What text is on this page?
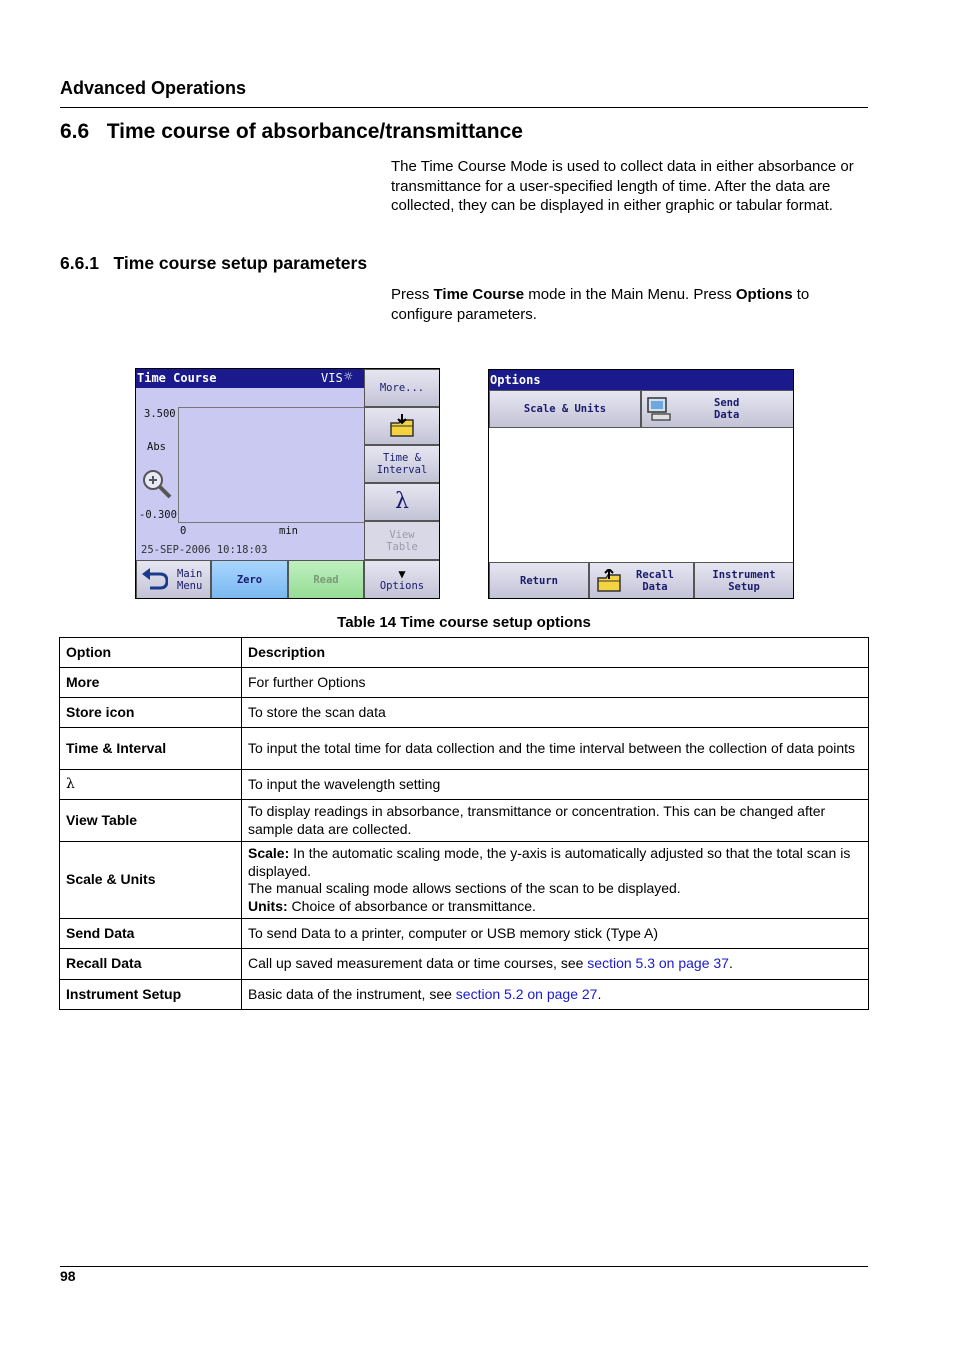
Advanced Operations
6.6 Time course of absorbance/transmittance
The Time Course Mode is used to collect data in either absorbance or transmittance for a user-specified length of time. After the data are collected, they can be displayed in either graphic or tabular format.
6.6.1 Time course setup parameters
Press Time Course mode in the Main Menu. Press Options to configure parameters.
Time Course	VIS ☼
3.500
Abs
-0.300
0	min
25-SEP-2006 10:18:03
More...
Time &
Interval
λ
View
Table
Main
Menu	Zero	Read	▼
Options
Options
Scale & Units	Send
Data
Return	Recall
Data
Instrument
Setup
Table 14 Time course setup options
Option	Description
More	For further Options
Store icon	To store the scan data
Time & Interval	To input the total time for data collection and the time interval between the collection of data points
λ	To input the wavelength setting
View Table	To display readings in absorbance, transmittance or concentration. This can be changed after sample data are collected.
Scale & Units	Scale: In the automatic scaling mode, the y-axis is automatically adjusted so that the total scan is displayed.
The manual scaling mode allows sections of the scan to be displayed.
Units: Choice of absorbance or transmittance.
Send Data	To send Data to a printer, computer or USB memory stick (Type A)
Recall Data	Call up saved measurement data or time courses, see section 5.3 on page 37.
Instrument Setup	Basic data of the instrument, see section 5.2 on page 27.
98
